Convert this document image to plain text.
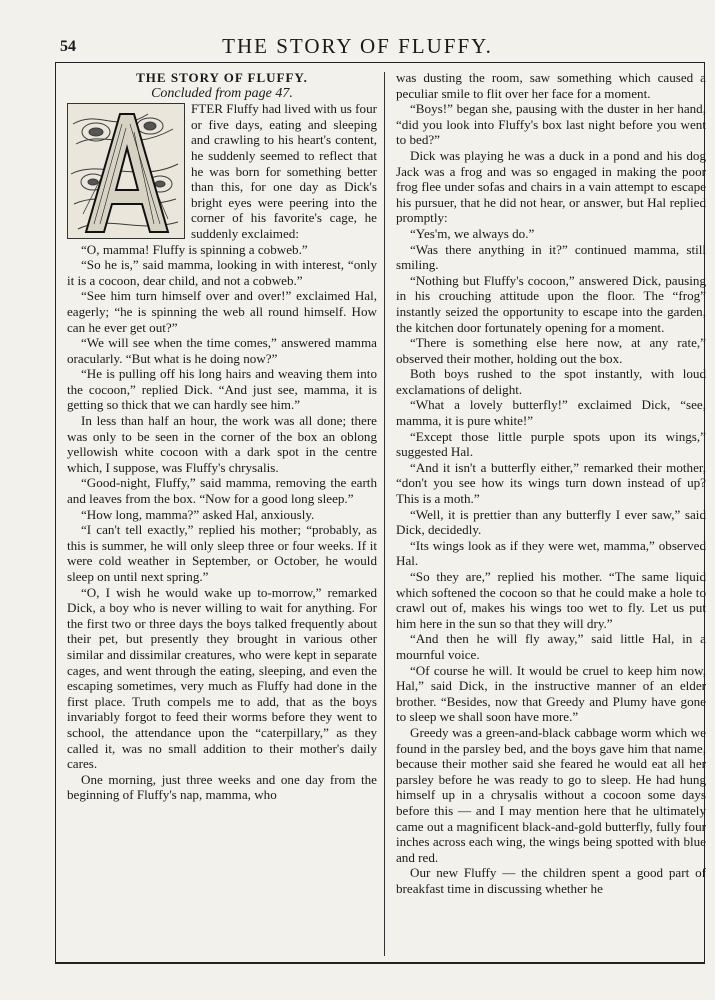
54	THE STORY OF FLUFFY.

THE STORY OF FLUFFY.

Concluded from page 47.

FTER Fluffy had lived with us four or five days, eating and sleeping and crawling to his heart's content, he suddenly seemed to reflect that he was born for something better than this, for one day as Dick's bright eyes were peering into the corner of his favorite's cage, he suddenly exclaimed:

“O, mamma! Fluffy is spinning a cobweb.”

“So he is,” said mamma, looking in with interest, “only it is a cocoon, dear child, and not a cobweb.”

“See him turn himself over and over!” exclaimed Hal, eagerly; “he is spinning the web all round himself. How can he ever get out?”

“We will see when the time comes,” answered mamma oracularly. “But what is he doing now?”

“He is pulling off his long hairs and weaving them into the cocoon,” replied Dick. “And just see, mamma, it is getting so thick that we can hardly see him.”

In less than half an hour, the work was all done; there was only to be seen in the corner of the box an oblong yellowish white cocoon with a dark spot in the centre which, I suppose, was Fluffy's chrysalis.

“Good-night, Fluffy,” said mamma, removing the earth and leaves from the box. “Now for a good long sleep.”

“How long, mamma?” asked Hal, anxiously.

“I can't tell exactly,” replied his mother; “probably, as this is summer, he will only sleep three or four weeks. If it were cold weather in September, or October, he would sleep on until next spring.”

“O, I wish he would wake up to-morrow,” remarked Dick, a boy who is never willing to wait for anything. For the first two or three days the boys talked frequently about their pet, but presently they brought in various other similar and dissimilar creatures, who were kept in separate cages, and went through the eating, sleeping, and even the escaping sometimes, very much as Fluffy had done in the first place. Truth compels me to add, that as the boys invariably forgot to feed their worms before they went to school, the attendance upon the “caterpillary,” as they called it, was no small addition to their mother's daily cares.

One morning, just three weeks and one day from the beginning of Fluffy's nap, mamma, who

was dusting the room, saw something which caused a peculiar smile to flit over her face for a moment.

“Boys!” began she, pausing with the duster in her hand, “did you look into Fluffy's box last night before you went to bed?”

Dick was playing he was a duck in a pond and his dog Jack was a frog and was so engaged in making the poor frog flee under sofas and chairs in a vain attempt to escape his pursuer, that he did not hear, or answer, but Hal replied promptly:

“Yes'm, we always do.”

“Was there anything in it?” continued mamma, still smiling.

“Nothing but Fluffy's cocoon,” answered Dick, pausing in his crouching attitude upon the floor. The “frog” instantly seized the opportunity to escape into the garden, the kitchen door fortunately opening for a moment.

“There is something else here now, at any rate,” observed their mother, holding out the box.

Both boys rushed to the spot instantly, with loud exclamations of delight.

“What a lovely butterfly!” exclaimed Dick, “see, mamma, it is pure white!”

“Except those little purple spots upon its wings,” suggested Hal.

“And it isn't a butterfly either,” remarked their mother, “don't you see how its wings turn down instead of up? This is a moth.”

“Well, it is prettier than any butterfly I ever saw,” said Dick, decidedly.

“Its wings look as if they were wet, mamma,” observed Hal.

“So they are,” replied his mother. “The same liquid which softened the cocoon so that he could make a hole to crawl out of, makes his wings too wet to fly. Let us put him here in the sun so that they will dry.”

“And then he will fly away,” said little Hal, in a mournful voice.

“Of course he will. It would be cruel to keep him now, Hal,” said Dick, in the instructive manner of an elder brother. “Besides, now that Greedy and Plumy have gone to sleep we shall soon have more.”

Greedy was a green-and-black cabbage worm which we found in the parsley bed, and the boys gave him that name, because their mother said she feared he would eat all her parsley before he was ready to go to sleep. He had hung himself up in a chrysalis without a cocoon some days before this — and I may mention here that he ultimately came out a magnificent black-and-gold butterfly, fully four inches across each wing, the wings being spotted with blue and red.

Our new Fluffy — the children spent a good part of breakfast time in discussing whether he
